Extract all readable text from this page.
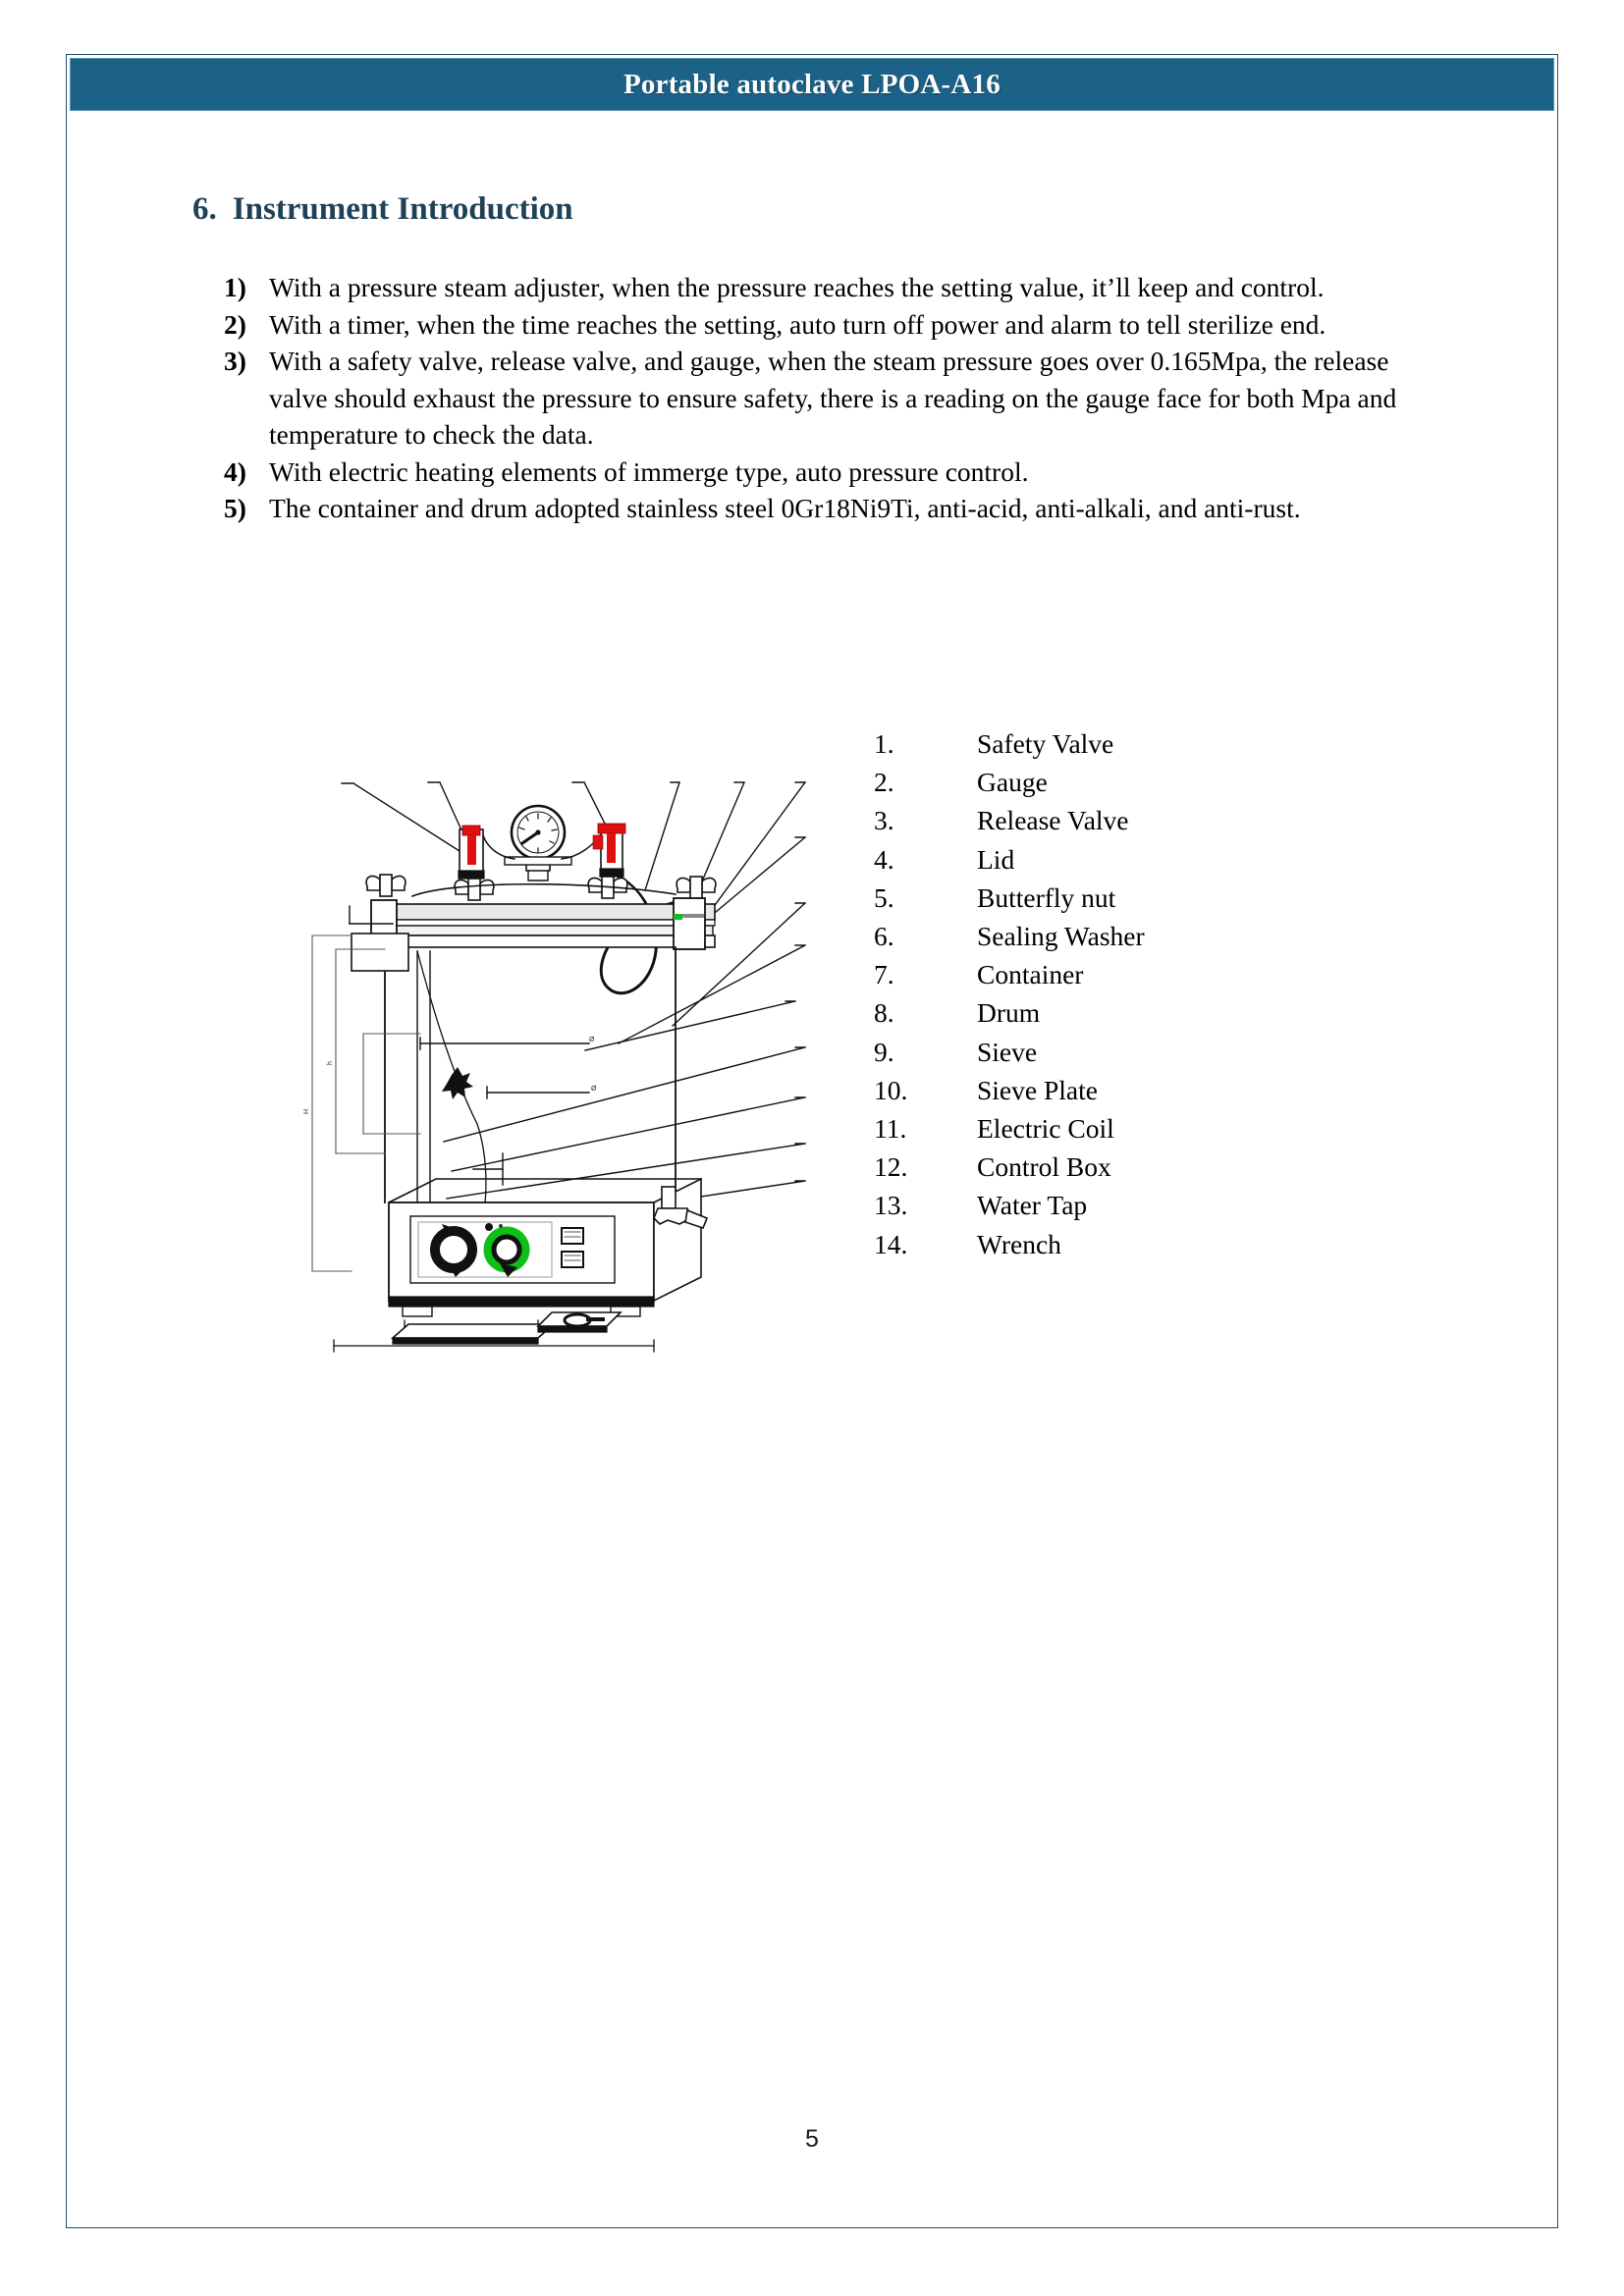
Portable autoclave LPOA-A16
6. Instrument Introduction
1) With a pressure steam adjuster, when the pressure reaches the setting value, it’ll keep and control.
2) With a timer, when the time reaches the setting, auto turn off power and alarm to tell sterilize end.
3) With a safety valve, release valve, and gauge, when the steam pressure goes over 0.165Mpa, the release valve should exhaust the pressure to ensure safety, there is a reading on the gauge face for both Mpa and temperature to check the data.
4) With electric heating elements of immerge type, auto pressure control.
5) The container and drum adopted stainless steel 0Gr18Ni9Ti, anti-acid, anti-alkali, and anti-rust.
1.	Safety Valve
2.	Gauge
3.	Release Valve
4.	Lid
5.	Butterfly nut
6.	Sealing Washer
7.	Container
8.	Drum
9.	Sieve
10.	Sieve Plate
11.	Electric Coil
12.	Control Box
13.	Water Tap
14.	Wrench
Ø
Ø
H
h
5
